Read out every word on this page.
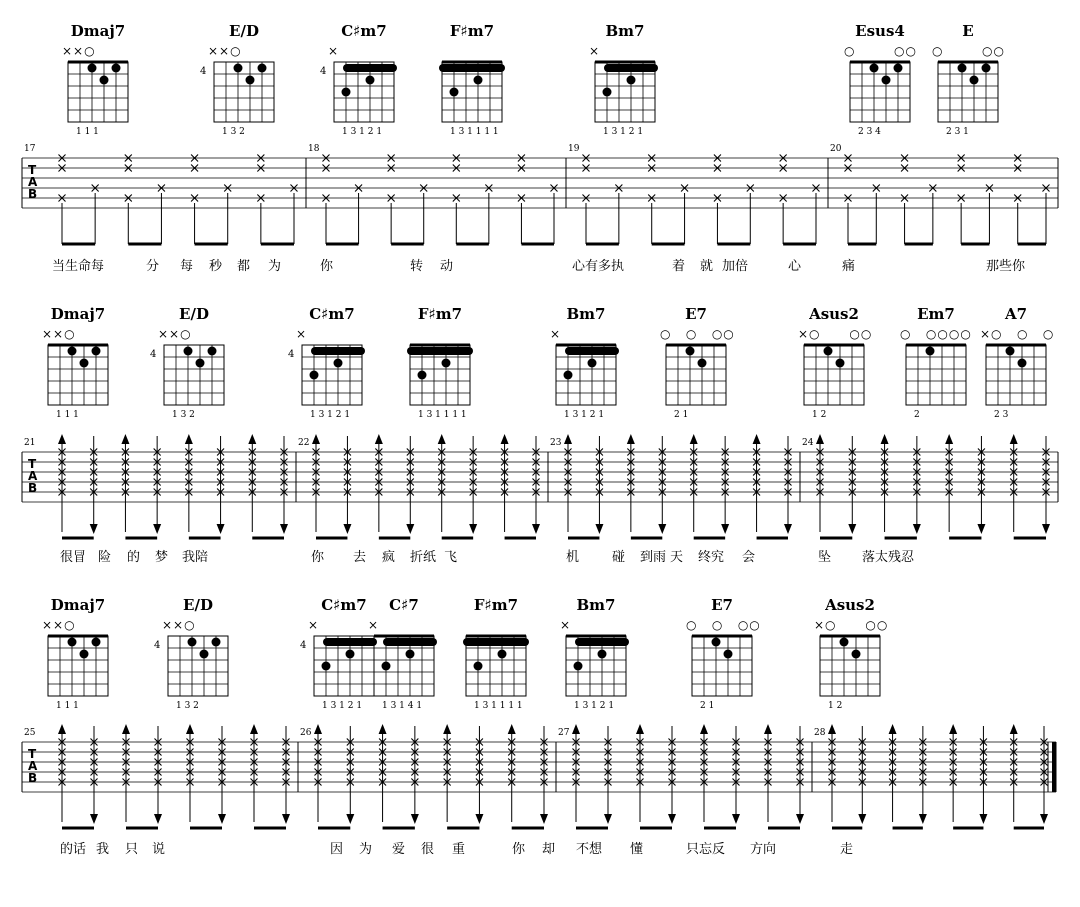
Dmaj7
××○
1 1 1
E/D
××○
4
1 3 2
C♯m7
×
4
1 3 1 2 1
F♯m7
1 3 1 1 1 1
Bm7
×
1 3 1 2 1
Esus4
○        ○○
2 3 4
E
○        ○○
2 3 1
T
A
B
17	18	19	20
当生命每	分 每 秒 都 为	你	转 动	心有多执	着 就 加倍	心	痛	那些你
Dmaj7
××○
1 1 1
E/D
××○
4
1 3 2
C♯m7
×
4
1 3 1 2 1
F♯m7
1 3 1 1 1 1
Bm7
×
1 3 1 2 1
E7
○   ○   ○○
2 1
Asus2
×○      ○○
1 2
Em7
○   ○○○○
2
A7
×○   ○   ○
2 3
T
A
B
21	22	23	24
很冒 险 的 梦 我陪	你 去 疯 折纸 飞	机	碰 到雨 天 终究 会	坠 落太 残忍
Dmaj7
××○
1 1 1
E/D
××○
4
1 3 2
C♯m7
×
4
1 3 1 2 1
C♯7
×
1 3 1 4 1
F♯m7
1 3 1 1 1 1
Bm7
×
1 3 1 2 1
E7
○   ○   ○○
2 1
Asus2
×○      ○○
1 2
T
A
B
25	26	27	28
的话 我 只 说	因 为 爱 很 重	你 却 不想 懂	只忘反 方向	走
